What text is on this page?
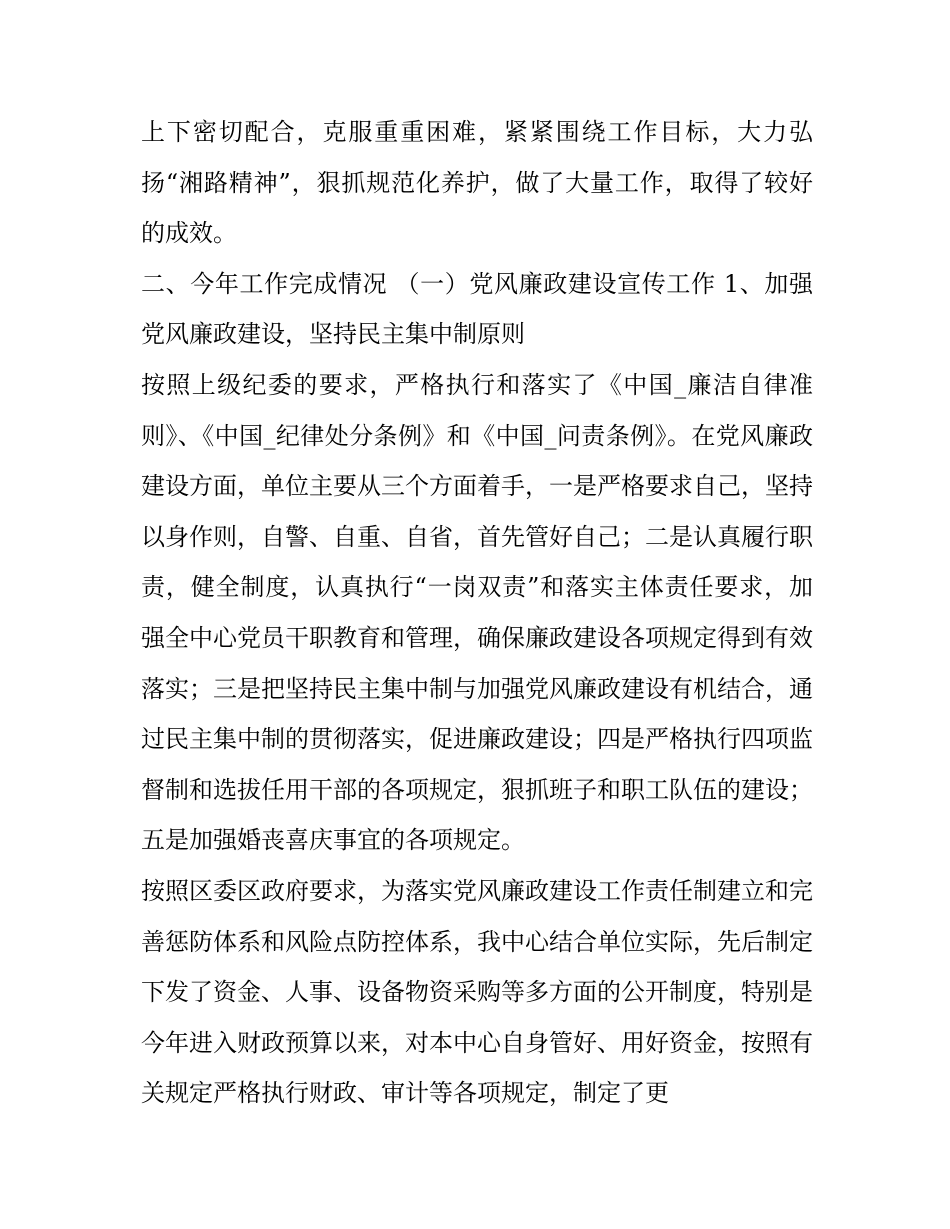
上下密切配合，克服重重困难，紧紧围绕工作目标，大力弘扬“湘路精神”，狠抓规范化养护，做了大量工作，取得了较好的成效。

二、今年工作完成情况 （一）党风廉政建设宣传工作 1、加强党风廉政建设，坚持民主集中制原则

按照上级纪委的要求，严格执行和落实了《中国_廉洁自律准则》、《中国_纪律处分条例》和《中国_问责条例》。在党风廉政建设方面，单位主要从三个方面着手，一是严格要求自己，坚持以身作则，自警、自重、自省，首先管好自己；二是认真履行职责，健全制度，认真执行“一岗双责”和落实主体责任要求，加强全中心党员干职教育和管理，确保廉政建设各项规定得到有效落实；三是把坚持民主集中制与加强党风廉政建设有机结合，通过民主集中制的贯彻落实，促进廉政建设；四是严格执行四项监督制和选拔任用干部的各项规定，狠抓班子和职工队伍的建设；五是加强婚丧喜庆事宜的各项规定。

按照区委区政府要求，为落实党风廉政建设工作责任制建立和完善惩防体系和风险点防控体系，我中心结合单位实际，先后制定下发了资金、人事、设备物资采购等多方面的公开制度，特别是今年进入财政预算以来，对本中心自身管好、用好资金，按照有关规定严格执行财政、审计等各项规定，制定了更
